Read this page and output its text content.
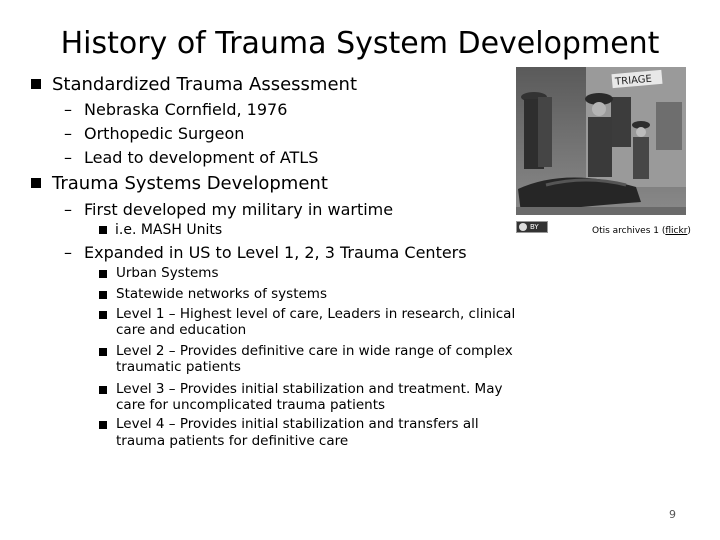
History of Trauma System Development
Standardized Trauma Assessment
– Nebraska Cornfield, 1976
– Orthopedic Surgeon
– Lead to development of ATLS
Trauma Systems Development
– First developed my military in wartime
i.e. MASH Units
– Expanded in US to Level 1, 2, 3 Trauma Centers
Urban Systems
Statewide networks of systems
Level 1 – Highest level of care, Leaders in research, clinical
care and education
Level 2 – Provides definitive care in wide range of complex
traumatic patients
Level 3 – Provides initial stabilization and treatment. May
care for uncomplicated trauma patients
Level 4 – Provides initial stabilization and transfers all
trauma patients for definitive care
TRIAGE
BY	Otis archives 1 (flickr)
9
